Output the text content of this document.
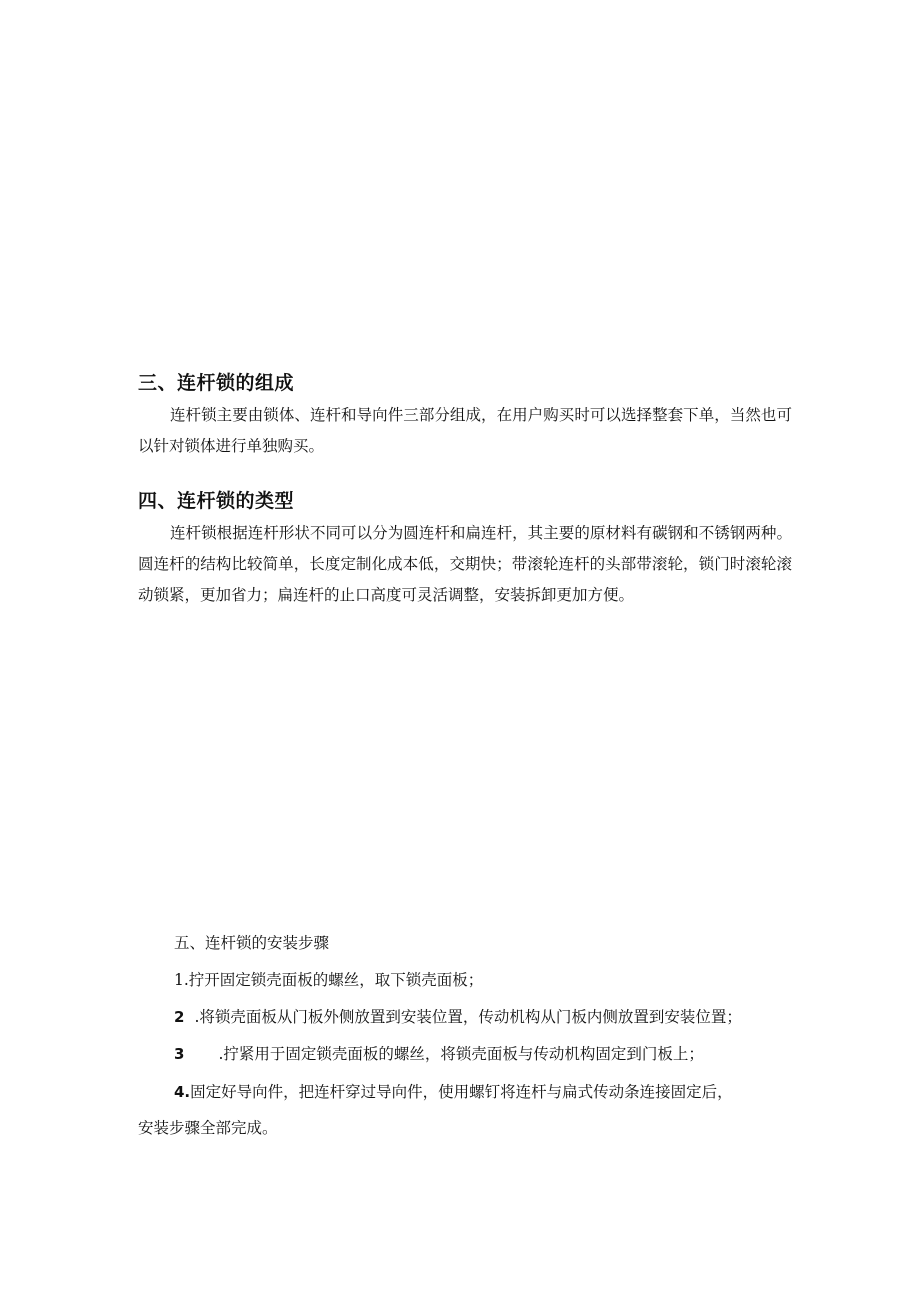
三、连杆锁的组成

连杆锁主要由锁体、连杆和导向件三部分组成，在用户购买时可以选择整套下单，当然也可以针对锁体进行单独购买。

四、连杆锁的类型

连杆锁根据连杆形状不同可以分为圆连杆和扁连杆，其主要的原材料有碳钢和不锈钢两种。圆连杆的结构比较简单，长度定制化成本低，交期快；带滚轮连杆的头部带滚轮，锁门时滚轮滚动锁紧，更加省力；扁连杆的止口高度可灵活调整，安装拆卸更加方便。

五、连杆锁的安装步骤
1.拧开固定锁壳面板的螺丝，取下锁壳面板；
2 .将锁壳面板从门板外侧放置到安装位置，传动机构从门板内侧放置到安装位置；
3 .拧紧用于固定锁壳面板的螺丝，将锁壳面板与传动机构固定到门板上；
4.固定好导向件，把连杆穿过导向件，使用螺钉将连杆与扁式传动条连接固定后，
安装步骤全部完成。
